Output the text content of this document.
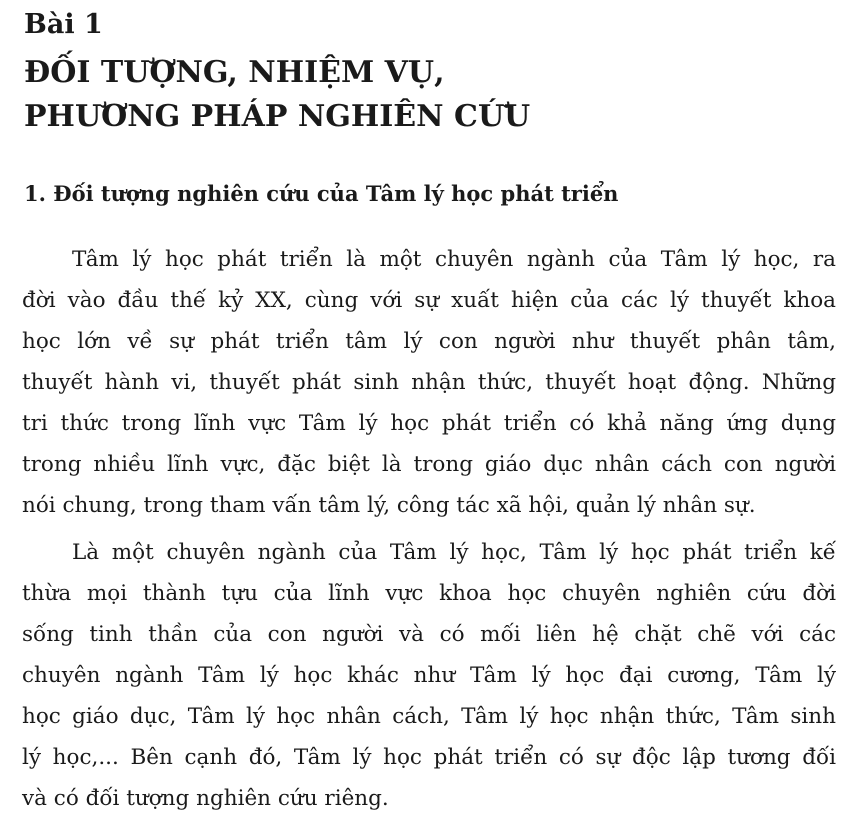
Bài 1
ĐỐI TƯỢNG, NHIỆM VỤ,
PHƯƠNG PHÁP NGHIÊN CỨU
1. Đối tượng nghiên cứu của Tâm lý học phát triển
Tâm lý học phát triển là một chuyên ngành của Tâm lý học, ra
đời vào đầu thế kỷ XX, cùng với sự xuất hiện của các lý thuyết khoa
học lớn về sự phát triển tâm lý con người như thuyết phân tâm,
thuyết hành vi, thuyết phát sinh nhận thức, thuyết hoạt động. Những
tri thức trong lĩnh vực Tâm lý học phát triển có khả năng ứng dụng
trong nhiều lĩnh vực, đặc biệt là trong giáo dục nhân cách con người
nói chung, trong tham vấn tâm lý, công tác xã hội, quản lý nhân sự.
Là một chuyên ngành của Tâm lý học, Tâm lý học phát triển kế
thừa mọi thành tựu của lĩnh vực khoa học chuyên nghiên cứu đời
sống tinh thần của con người và có mối liên hệ chặt chẽ với các
chuyên ngành Tâm lý học khác như Tâm lý học đại cương, Tâm lý
học giáo dục, Tâm lý học nhân cách, Tâm lý học nhận thức, Tâm sinh
lý học,... Bên cạnh đó, Tâm lý học phát triển có sự độc lập tương đối
và có đối tượng nghiên cứu riêng.
